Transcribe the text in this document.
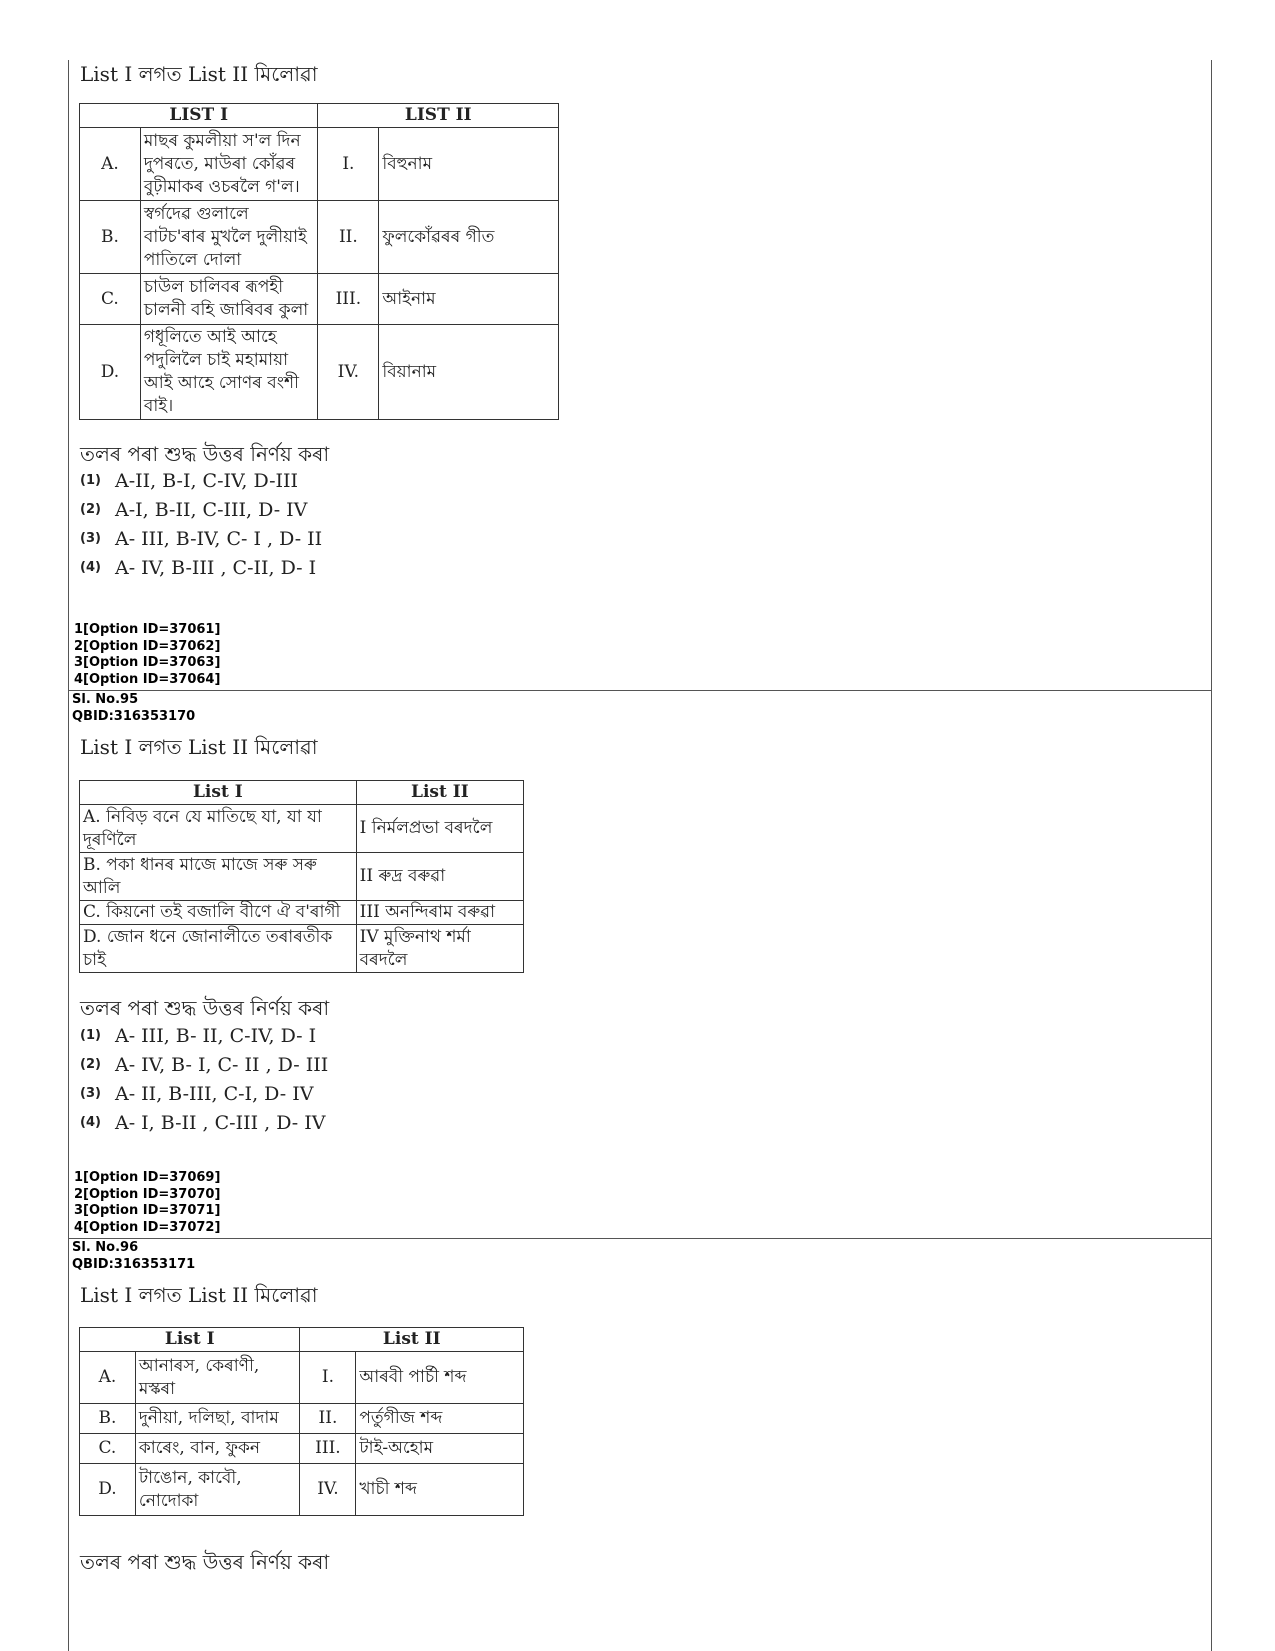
List I লগত List II মিলোৱা
LIST I		LIST II	
A.	মাছৰ কুমলীয়া স'ল দিন দুপৰতে, মাউৰা কোঁৱৰ বুঢ়ীমাকৰ ওচৰলৈ গ'ল।	I.	বিহুনাম
B.	স্বৰ্গদেৱ গুলালে বাটচ'ৰাৰ মুখলৈ দুলীয়াই পাতিলে দোলা	II.	ফুলকোঁৱৰৰ গীত
C.	চাউল চালিবৰ ৰূপহী চালনী বহি জাৰিবৰ কুলা	III.	আইনাম
D.	গধূলিতে আই আহে পদুলিলৈ চাই মহামায়া আই আহে সোণৰ বংশী বাই।	IV.	বিয়ানাম
তলৰ পৰা শুদ্ধ উত্তৰ নিৰ্ণয় কৰা
(1) A-II, B-I, C-IV, D-III
(2) A-I, B-II, C-III, D- IV
(3) A- III, B-IV, C- I , D- II
(4) A- IV, B-III , C-II, D- I
1[Option ID=37061]
2[Option ID=37062]
3[Option ID=37063]
4[Option ID=37064]
Sl. No.95
QBID:316353170
List I লগত List II মিলোৱা
List I	List II
A. নিবিড় বনে যে মাতিছে যা, যা যা দূৰণিলৈ	I নিৰ্মলপ্ৰভা বৰদলৈ
B. পকা ধানৰ মাজে মাজে সৰু সৰু আলি	II ৰুদ্ৰ বৰুৱা
C. কিয়নো তই বজালি বীণে ঐ ব'ৰাগী	III অনন্দিৰাম বৰুৱা
D. জোন ধনে জোনালীতে তৰাৰতীক চাই	IV মুক্তিনাথ শৰ্মা বৰদলৈ
তলৰ পৰা শুদ্ধ উত্তৰ নিৰ্ণয় কৰা
(1) A- III, B- II, C-IV, D- I
(2) A- IV, B- I, C- II , D- III
(3) A- II, B-III, C-I, D- IV
(4) A- I, B-II , C-III , D- IV
1[Option ID=37069]
2[Option ID=37070]
3[Option ID=37071]
4[Option ID=37072]
Sl. No.96
QBID:316353171
List I লগত List II মিলোৱা
List I		List II	
A.	আনাৰস, কেৰাণী, মস্কৰা	I.	আৰবী পাৰ্চী শব্দ
B.	দুনীয়া, দলিছা, বাদাম	II.	পৰ্তুগীজ শব্দ
C.	কাৰেং, বান, ফুকন	III.	টাই-অহোম
D.	টাঙোন, কাবৌ, নোদোকা	IV.	খাচী শব্দ
তলৰ পৰা শুদ্ধ উত্তৰ নিৰ্ণয় কৰা
